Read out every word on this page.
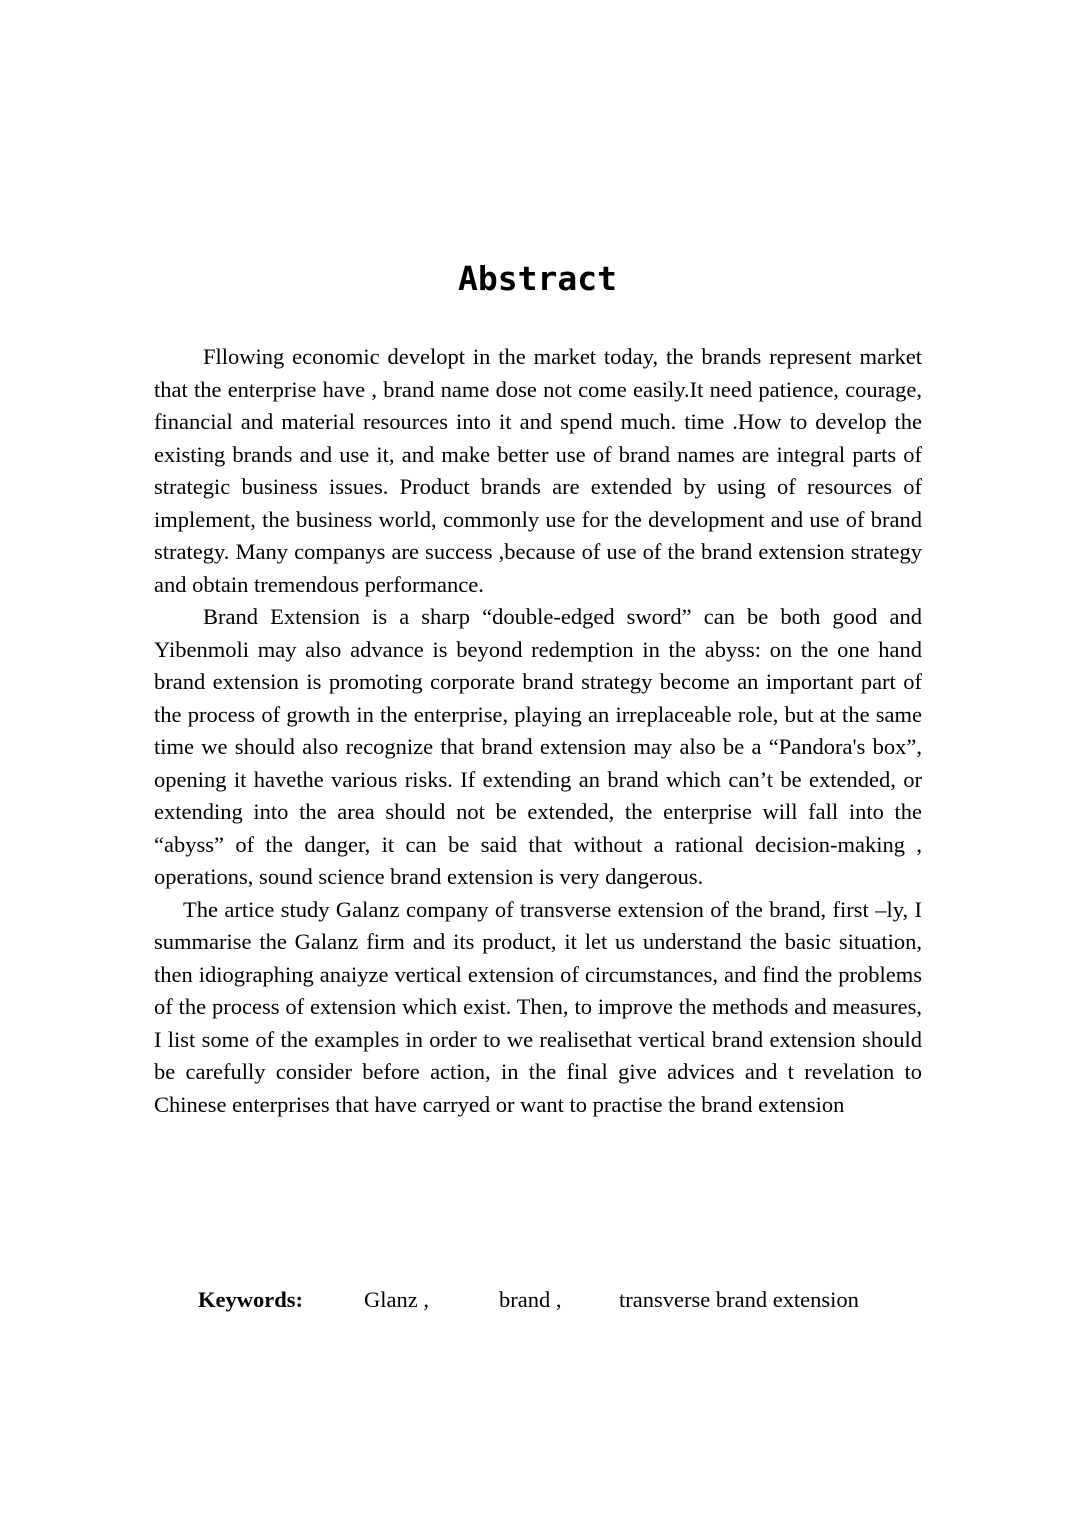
Abstract

Fllowing economic developt in the market today, the brands represent market that the enterprise have , brand name dose not come easily.It need patience, courage, financial and material resources into it and spend much. time .How to develop the existing brands and use it, and make better use of brand names are integral parts of strategic business issues. Product brands are extended by using of resources of implement, the business world, commonly use for the development and use of brand strategy. Many companys are success ,because of use of the brand extension strategy and obtain tremendous performance.

Brand Extension is a sharp “double-edged sword” can be both good and Yibenmoli may also advance is beyond redemption in the abyss: on the one hand brand extension is promoting corporate brand strategy become an important part of the process of growth in the enterprise, playing an irreplaceable role, but at the same time we should also recognize that brand extension may also be a “Pandora's box”, opening it havethe various risks. If extending an brand which can’t be extended, or extending into the area should not be extended, the enterprise will fall into the “abyss” of the danger, it can be said that without a rational decision-making , operations, sound science brand extension is very dangerous.

The artice study Galanz company of transverse extension of the brand, first –ly, I summarise the Galanz firm and its product, it let us understand the basic situation, then idiographing anaiyze vertical extension of circumstances, and find the problems of the process of extension which exist. Then, to improve the methods and measures, I list some of the examples in order to we realisethat vertical brand extension should be carefully consider before action, in the final give advices and t revelation to Chinese enterprises that have carryed or want to practise the brand extension

Keywords:	Glanz ,	brand ,	transverse brand extension
